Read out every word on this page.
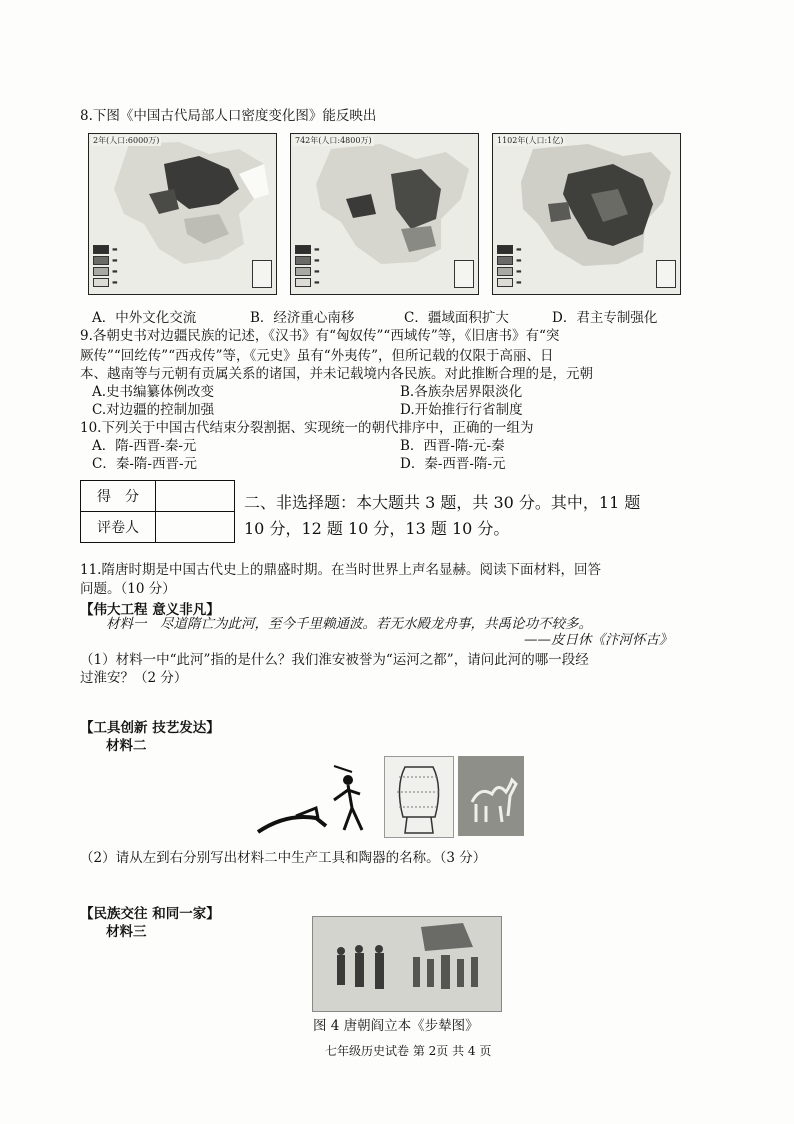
8.下图《中国古代局部人口密度变化图》能反映出
2年(人口:6000万)
▬
▬
▬
▬
742年(人口:4800万)
▬
▬
▬
▬
1102年(人口:1亿)
▬
▬
▬
▬
A．中外文化交流	B．经济重心南移	C．疆域面积扩大	D．君主专制强化
9.各朝史书对边疆民族的记述，《汉书》有“匈奴传”“西域传”等，《旧唐书》有“突
厥传”“回纥传”“西戎传”等，《元史》虽有“外夷传”，但所记载的仅限于高丽、日
本、越南等与元朝有贡属关系的诸国，并未记载境内各民族。对此推断合理的是，元朝
A.史书编纂体例改变	B.各族杂居界限淡化
C.对边疆的控制加强	D.开始推行行省制度
10.下列关于中国古代结束分裂割据、实现统一的朝代排序中，正确的一组为
A．隋-西晋-秦-元	B．西晋-隋-元-秦
C．秦-隋-西晋-元	D．秦-西晋-隋-元
得　分	
评卷人	
二、非选择题：本大题共 3 题，共 30 分。其中，11 题
10 分，12 题 10 分，13 题 10 分。
11.隋唐时期是中国古代史上的鼎盛时期。在当时世界上声名显赫。阅读下面材料，回答
问题。（10 分）
【伟大工程 意义非凡】
材料一　尽道隋亡为此河，至今千里赖通波。若无水殿龙舟事，共禹论功不较多。
——皮日休《汴河怀古》
（1）材料一中“此河”指的是什么？我们淮安被誉为“运河之都”，请问此河的哪一段经
过淮安？（2 分）
【工具创新 技艺发达】
材料二
（2）请从左到右分别写出材料二中生产工具和陶器的名称。（3 分）
【民族交往 和同一家】
材料三
图 4 唐朝阎立本《步辇图》
七年级历史试卷 第 2页 共 4 页
